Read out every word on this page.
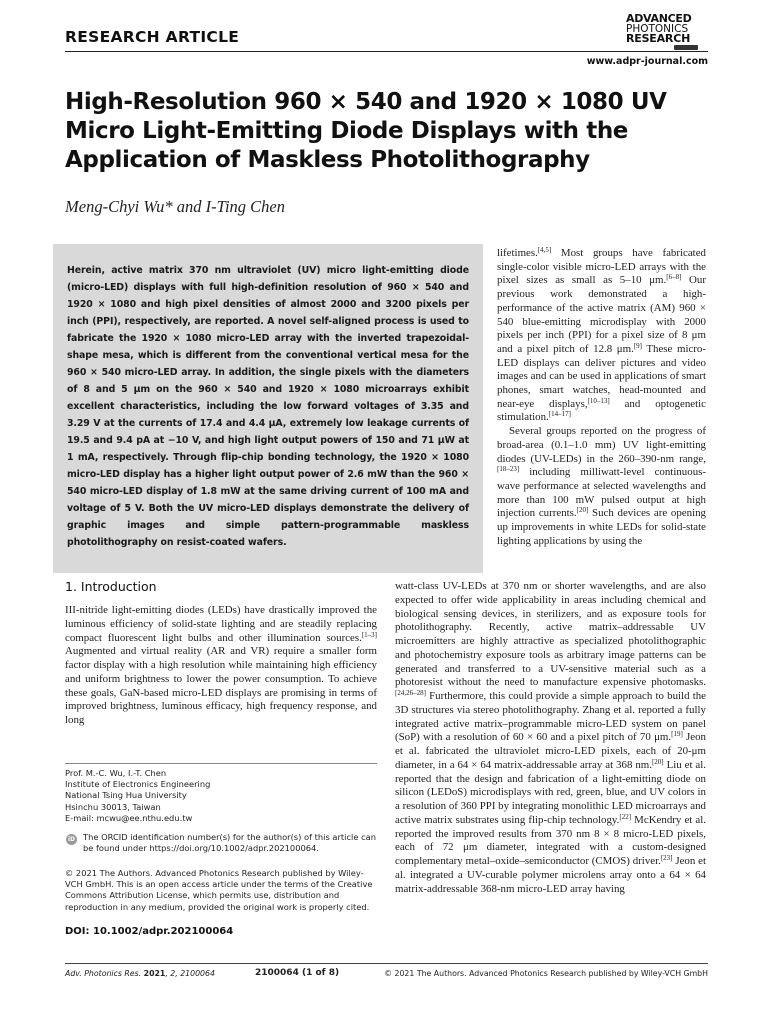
RESEARCH ARTICLE
ADVANCED
PHOTONICS
RESEARCH
www.adpr-journal.com
High-Resolution 960 × 540 and 1920 × 1080 UV Micro Light-Emitting Diode Displays with the Application of Maskless Photolithography
Meng-Chyi Wu* and I-Ting Chen
Herein, active matrix 370 nm ultraviolet (UV) micro light-emitting diode (micro-LED) displays with full high-definition resolution of 960 × 540 and 1920 × 1080 and high pixel densities of almost 2000 and 3200 pixels per inch (PPI), respectively, are reported. A novel self-aligned process is used to fabricate the 1920 × 1080 micro-LED array with the inverted trapezoidal-shape mesa, which is different from the conventional vertical mesa for the 960 × 540 micro-LED array. In addition, the single pixels with the diameters of 8 and 5 μm on the 960 × 540 and 1920 × 1080 microarrays exhibit excellent characteristics, including the low forward voltages of 3.35 and 3.29 V at the currents of 17.4 and 4.4 μA, extremely low leakage currents of 19.5 and 9.4 pA at −10 V, and high light output powers of 150 and 71 μW at 1 mA, respectively. Through flip-chip bonding technology, the 1920 × 1080 micro-LED display has a higher light output power of 2.6 mW than the 960 × 540 micro-LED display of 1.8 mW at the same driving current of 100 mA and voltage of 5 V. Both the UV micro-LED displays demonstrate the delivery of graphic images and simple pattern-programmable maskless photolithography on resist-coated wafers.

lifetimes.[4,5] Most groups have fabricated single-color visible micro-LED arrays with the pixel sizes as small as 5–10 μm.[6–8] Our previous work demonstrated a high-performance of the active matrix (AM) 960 × 540 blue-emitting microdisplay with 2000 pixels per inch (PPI) for a pixel size of 8 μm and a pixel pitch of 12.8 μm.[9] These micro-LED displays can deliver pictures and video images and can be used in applications of smart phones, smart watches, head-mounted and near-eye displays,[10–13] and optogenetic stimulation.[14–17]

Several groups reported on the progress of broad-area (0.1–1.0 mm) UV light-emitting diodes (UV-LEDs) in the 260–390-nm range,[18–23] including milliwatt-level continuous-wave performance at selected wavelengths and more than 100 mW pulsed output at high injection currents.[20] Such devices are opening up improvements in white LEDs for solid-state lighting applications by using the

watt-class UV-LEDs at 370 nm or shorter wavelengths, and are also expected to offer wide applicability in areas including chemical and biological sensing devices, in sterilizers, and as exposure tools for photolithography. Recently, active matrix–addressable UV microemitters are highly attractive as specialized photolithographic and photochemistry exposure tools as arbitrary image patterns can be generated and transferred to a UV-sensitive material such as a photoresist without the need to manufacture expensive photomasks.[24,26–28] Furthermore, this could provide a simple approach to build the 3D structures via stereo photolithography. Zhang et al. reported a fully integrated active matrix–programmable micro-LED system on panel (SoP) with a resolution of 60 × 60 and a pixel pitch of 70 μm.[19] Jeon et al. fabricated the ultraviolet micro-LED pixels, each of 20-μm diameter, in a 64 × 64 matrix-addressable array at 368 nm.[20] Liu et al. reported that the design and fabrication of a light-emitting diode on silicon (LEDoS) microdisplays with red, green, blue, and UV colors in a resolution of 360 PPI by integrating monolithic LED microarrays and active matrix substrates using flip-chip technology.[22] McKendry et al. reported the improved results from 370 nm 8 × 8 micro-LED pixels, each of 72 μm diameter, integrated with a custom-designed complementary metal–oxide–semiconductor (CMOS) driver.[23] Jeon et al. integrated a UV-curable polymer microlens array onto a 64 × 64 matrix-addressable 368-nm micro-LED array having
1. Introduction
III-nitride light-emitting diodes (LEDs) have drastically improved the luminous efficiency of solid-state lighting and are steadily replacing compact fluorescent light bulbs and other illumination sources.[1–3] Augmented and virtual reality (AR and VR) require a smaller form factor display with a high resolution while maintaining high efficiency and uniform brightness to lower the power consumption. To achieve these goals, GaN-based micro-LED displays are promising in terms of improved brightness, luminous efficacy, high frequency response, and long
Prof. M.-C. Wu, I.-T. Chen
Institute of Electronics Engineering
National Tsing Hua University
Hsinchu 30013, Taiwan
E-mail: mcwu@ee.nthu.edu.tw
iD The ORCID identification number(s) for the author(s) of this article can be found under https://doi.org/10.1002/adpr.202100064.
© 2021 The Authors. Advanced Photonics Research published by Wiley-VCH GmbH. This is an open access article under the terms of the Creative Commons Attribution License, which permits use, distribution and reproduction in any medium, provided the original work is properly cited.
DOI: 10.1002/adpr.202100064
Adv. Photonics Res. 2021, 2, 2100064	2100064 (1 of 8)	© 2021 The Authors. Advanced Photonics Research published by Wiley-VCH GmbH
